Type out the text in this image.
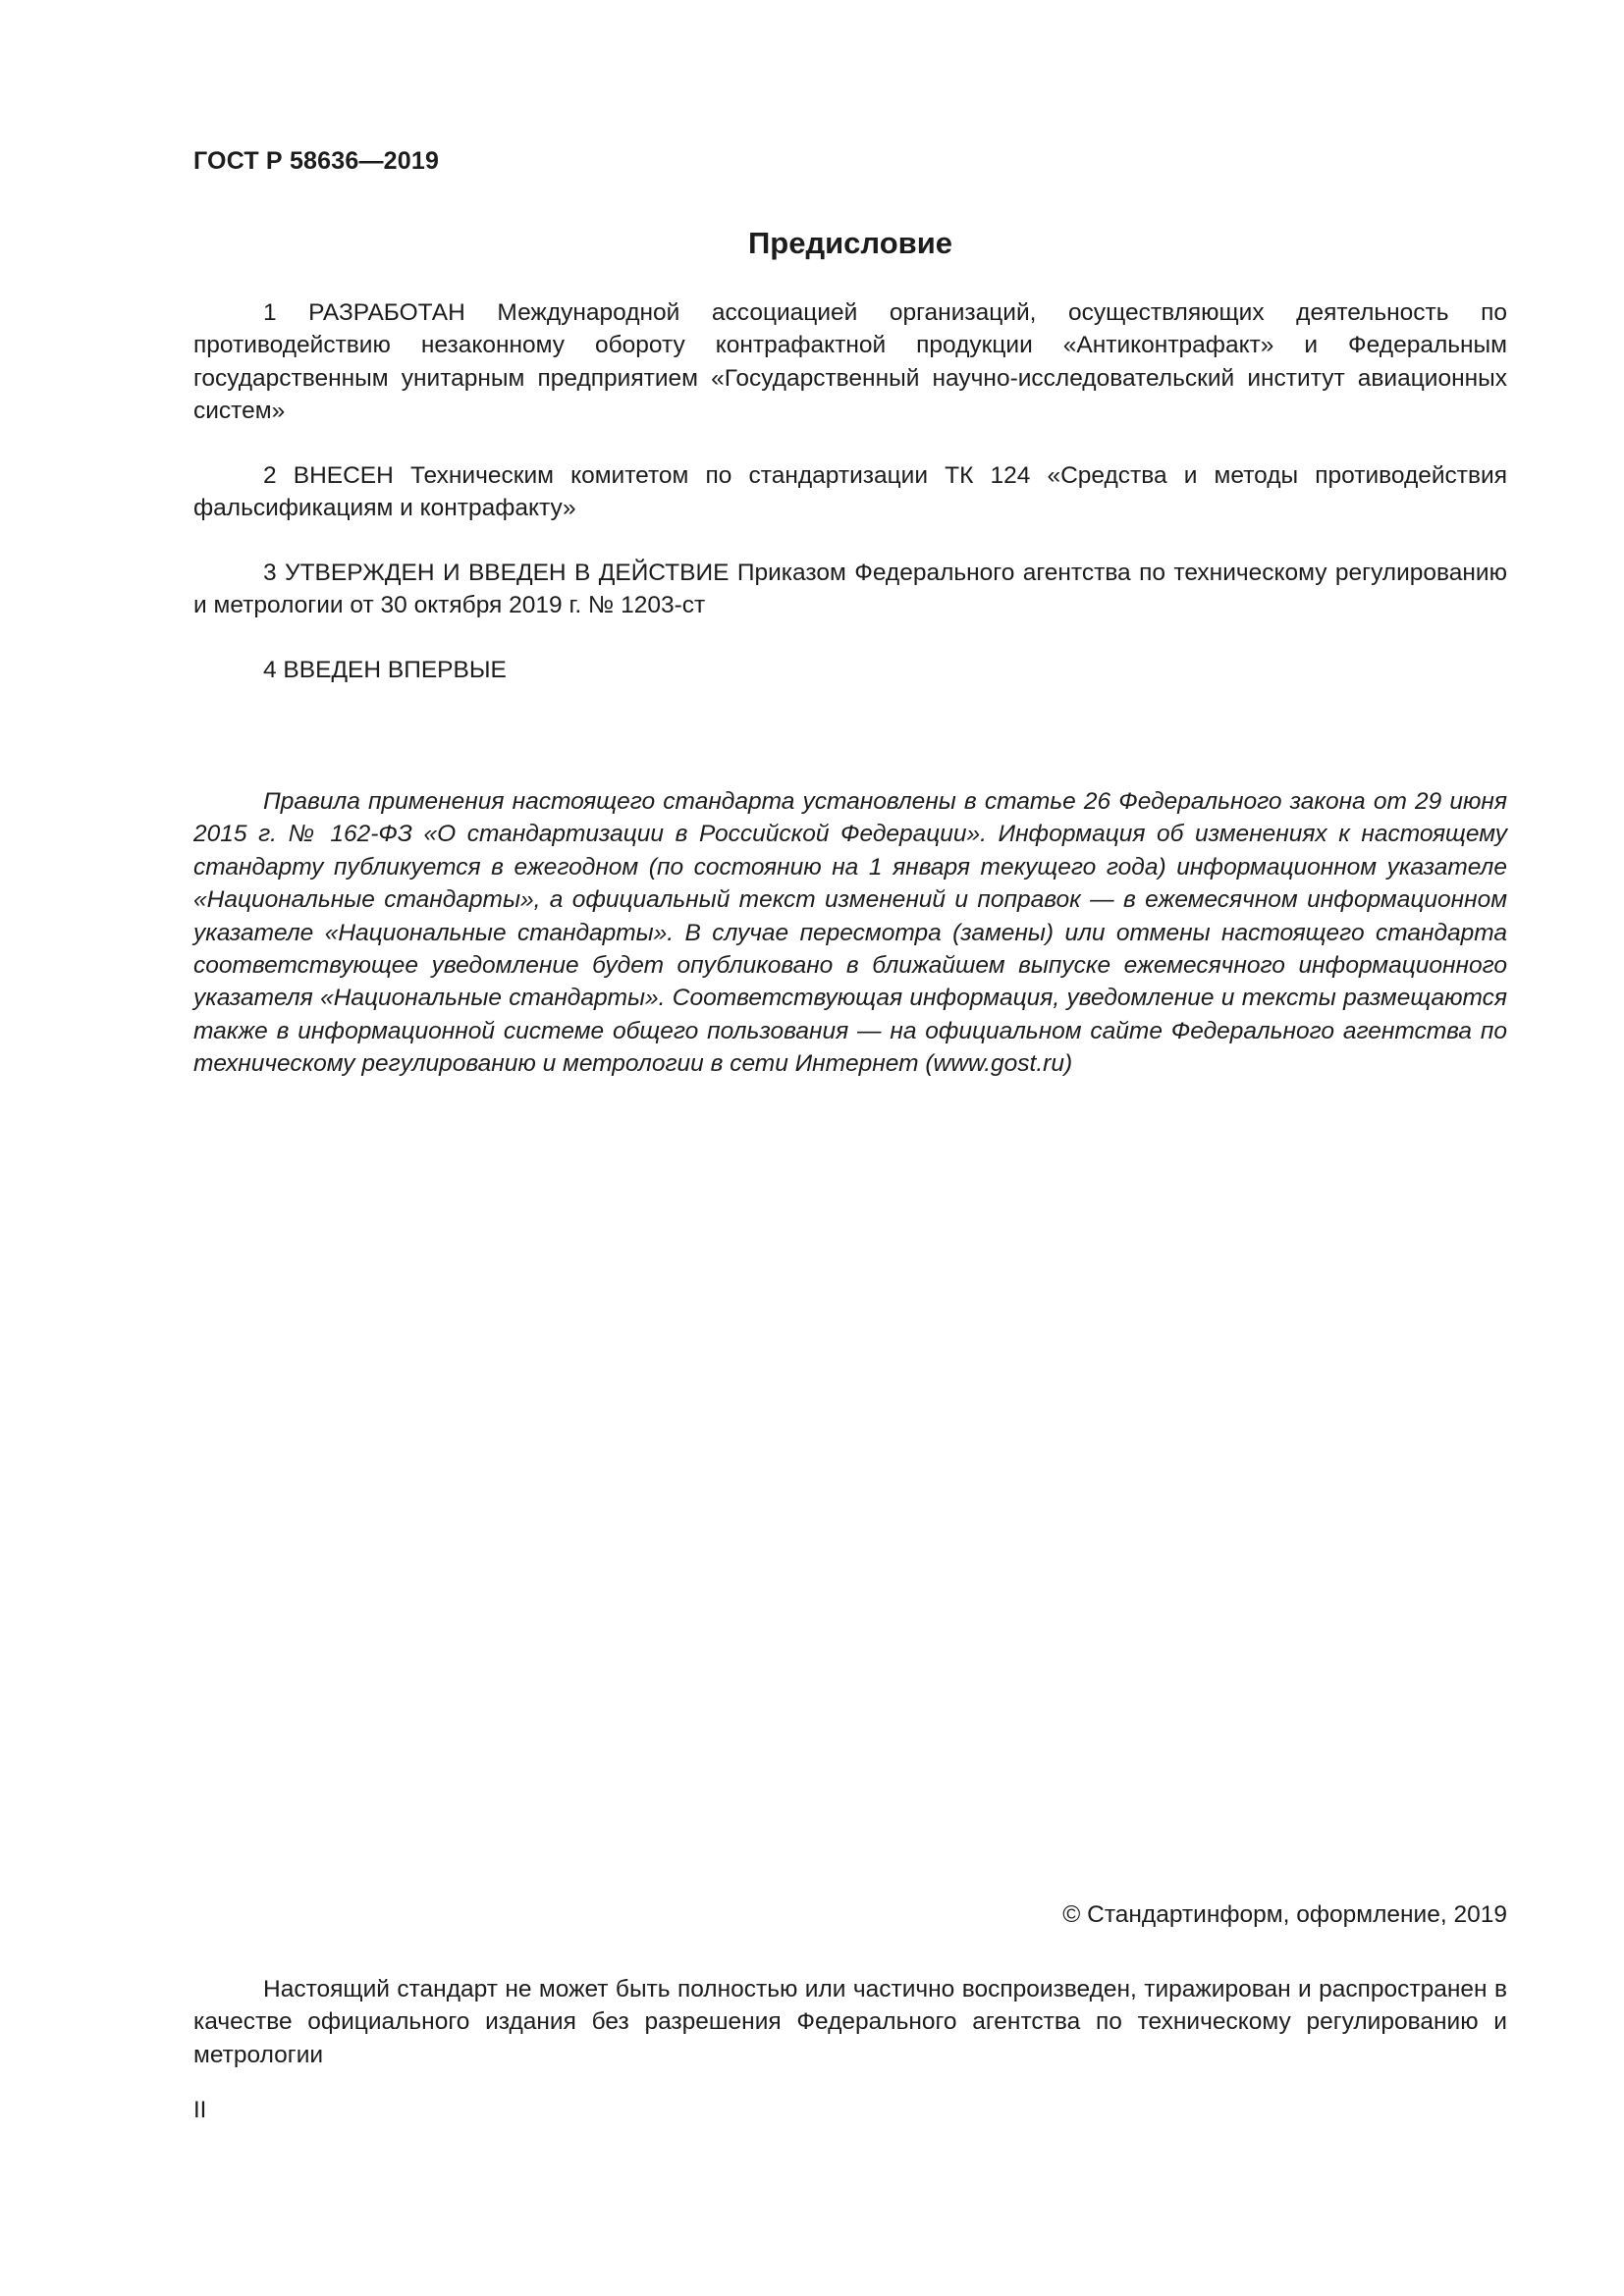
ГОСТ Р 58636—2019
Предисловие

1 РАЗРАБОТАН Международной ассоциацией организаций, осуществляющих деятельность по противодействию незаконному обороту контрафактной продукции «Антиконтрафакт» и Федеральным государственным унитарным предприятием «Государственный научно-исследовательский институт авиационных систем»

2 ВНЕСЕН Техническим комитетом по стандартизации ТК 124 «Средства и методы противодействия фальсификациям и контрафакту»

3 УТВЕРЖДЕН И ВВЕДЕН В ДЕЙСТВИЕ Приказом Федерального агентства по техническому регулированию и метрологии от 30 октября 2019 г. № 1203-ст

4 ВВЕДЕН ВПЕРВЫЕ

Правила применения настоящего стандарта установлены в статье 26 Федерального закона от 29 июня 2015 г. № 162-ФЗ «О стандартизации в Российской Федерации». Информация об изменениях к настоящему стандарту публикуется в ежегодном (по состоянию на 1 января текущего года) информационном указателе «Национальные стандарты», а официальный текст изменений и поправок — в ежемесячном информационном указателе «Национальные стандарты». В случае пересмотра (замены) или отмены настоящего стандарта соответствующее уведомление будет опубликовано в ближайшем выпуске ежемесячного информационного указателя «Национальные стандарты». Соответствующая информация, уведомление и тексты размещаются также в информационной системе общего пользования — на официальном сайте Федерального агентства по техническому регулированию и метрологии в сети Интернет (www.gost.ru)

© Стандартинформ, оформление, 2019

Настоящий стандарт не может быть полностью или частично воспроизведен, тиражирован и распространен в качестве официального издания без разрешения Федерального агентства по техническому регулированию и метрологии

II
